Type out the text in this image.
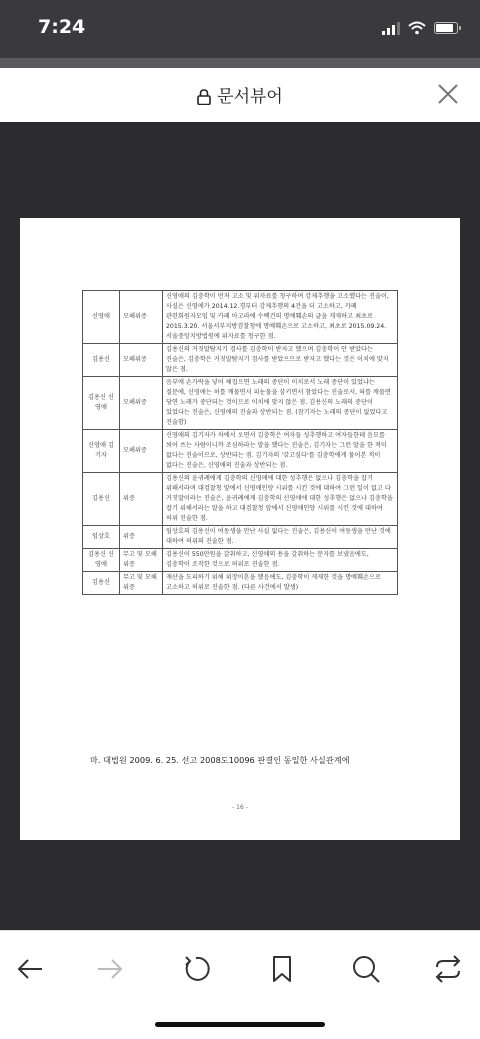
7:24
문서뷰어
신영애	모해위증	신영애의 김충학이 먼저 고소 및 위자료를 청구하여 강제추행을 고소했다는 진술이, 사실은 신영애가 2014.12.경부터 강제추행의 4건을 더 고소하고, 카페 관련회원자모임 및 카페 아고라에 수백건의 명예훼손의 글을 게재하고 최초로 2015.3.20. 서울서부지방검찰청에 명예훼손으로 고소하고, 최초로 2015.09.24. 서울중앙지방법원에 위자료를 청구한 점.
김용신	모해위증	김용신의 거짓말탐지기 검사를 김충학이 받자고 했으며 김충학이 안 받았다는 진술은, 김충학은 거짓말탐지기 검사를 받았으므로 받자고 했다는 것은 이치에 맞지 않은 점.
김용신 신영애	모해위증	음부에 손가락을 넣어 헤집으면 노래의 중단이 이치로서 노래 중단이 있었냐는 질문에, 신영애는 허를 깨물면서 피눈물을 삼키면서 참았다는 진술로서, 혀를 깨물면 당연 노래가 중단되는 것이므로 이치에 맞지 않은 점. 김용신의 노래의 중단이 있었다는 진술은, 신영애의 진술과 상반되는 점. (참기자는 노래의 중단이 없었다고 진술함)
신영애 김기자	모해위증	신영애의 김기자가 차에서 오면서 김충학은 여자들 성추행하고 여자들한테 음모를 씌어 쓰는 사람이니까 조심하라는 말을 했다는 진술은, 김기자는 그런 말을 한 적이 없다는 진술이므로, 상반되는 점. 김기자의 '갖고싶다'를 김충학에게 물어본 적이 없다는 진술은, 신영애의 진술과 상반되는 점.
김용신	위증	김용신의 윤귀례에게 김충학의 신영애에 대한 성추행은 없으나 김충학을 잡기 위해서라며 대검찰청 앞에서 신영애인양 시위를 시킨 것에 대하여 그런 일이 없고 다 거짓말이라는 진술은, 윤귀례에게 김충학의 신영애에 대한 성추행은 없으나 김충학을 잡기 위해서라는 말을 하고 대검찰청 앞에서 신영애인양 시위를 시킨 것에 대하여 허위 진술한 점.
임상호	위증	임상호의 김용신이 여동생을 만난 사실 없다는 진술은, 김용신이 여동생을 만난 것에 대하여 허위의 진술한 점.
김용신 신영애	무고 및 모해위증	김용신이 550만원을 갈취하고, 신영애의 용을 갈취하는 문자를 보냈음에도, 김충학이 조작한 것으로 허위로 진술한 점.
김용신	무고 및 모해위증	재산을 도피하기 위해 위장이혼을 했음에도, 김충학이 게재한 것을 명예훼손으로 고소하고 허위로 진술한 점. (다른 사건에서 발생)
마. 대법원 2009. 6. 25. 선고 2008도10096 판결인 동일한 사실관계에
- 16 -
